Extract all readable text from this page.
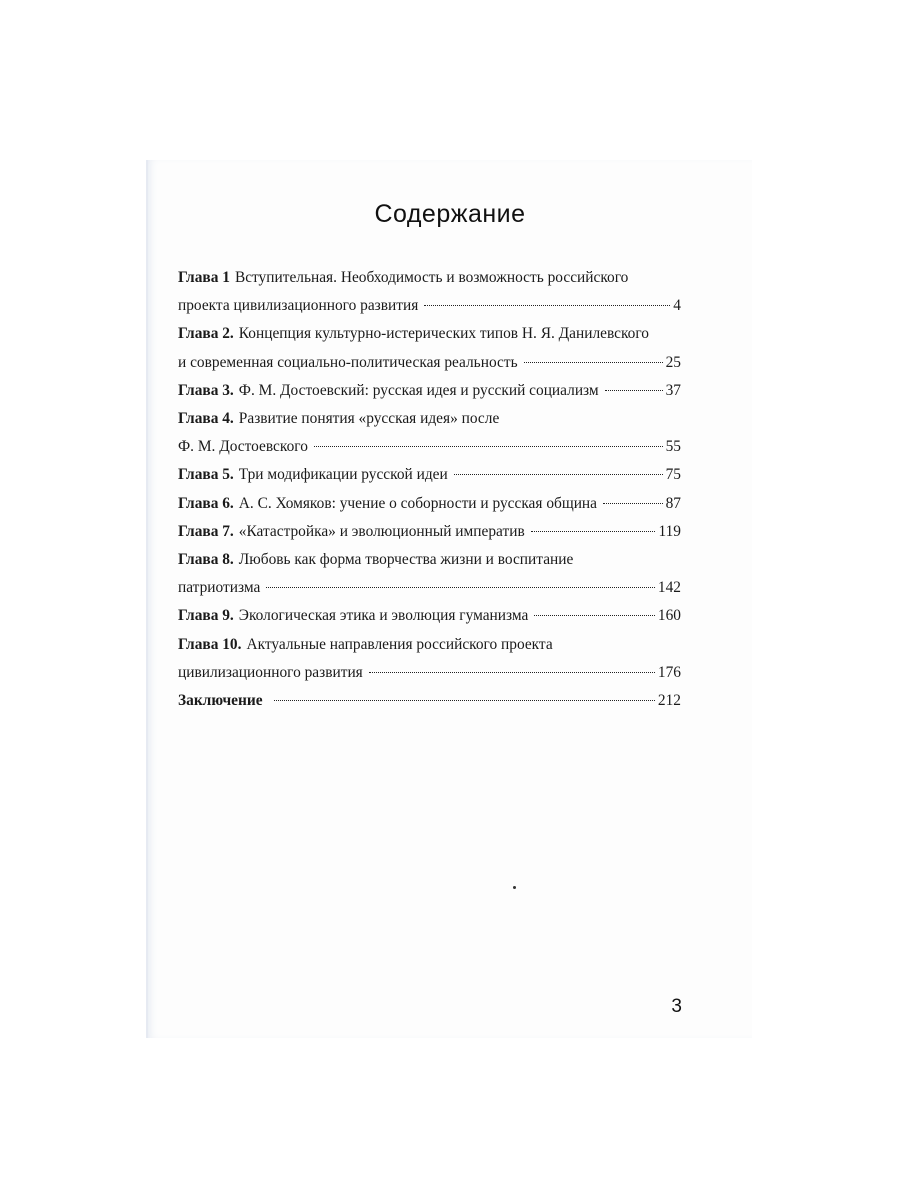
Содержание
Глава 1 Вступительная. Необходимость и возможность российского
проекта цивилизационного развития	4
Глава 2. Концепция культурно-истерических типов Н. Я. Данилевского
и современная социально-политическая реальность	25
Глава 3. Ф. М. Достоевский: русская идея и русский социализм	37
Глава 4. Развитие понятия «русская идея» после
Ф. М. Достоевского	55
Глава 5. Три модификации русской идеи	75
Глава 6. А. С. Хомяков: учение о соборности и русская община	87
Глава 7. «Катастройка» и эволюционный императив	119
Глава 8. Любовь как форма творчества жизни и воспитание
патриотизма	142
Глава 9. Экологическая этика и эволюция гуманизма	160
Глава 10. Актуальные направления российского проекта
цивилизационного развития	176
Заключение	212
3
